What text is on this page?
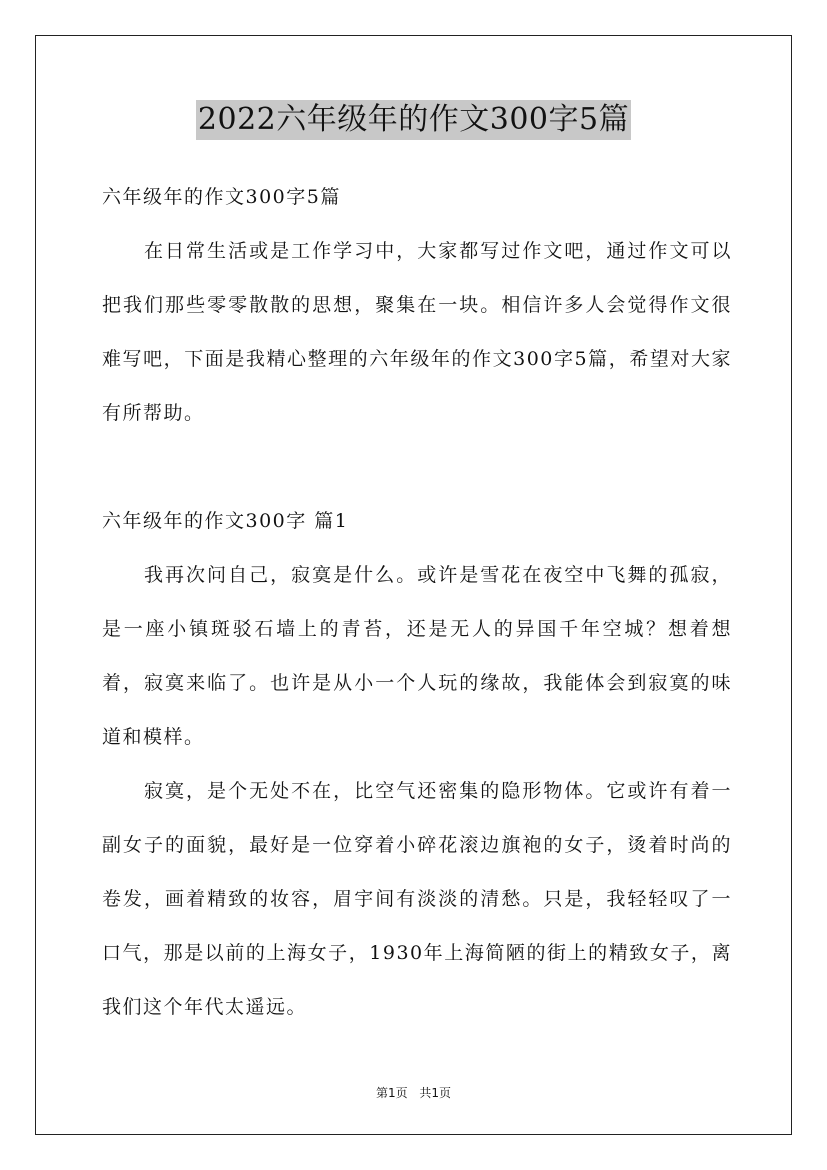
2022六年级年的作文300字5篇

六年级年的作文300字5篇

在日常生活或是工作学习中，大家都写过作文吧，通过作文可以把我们那些零零散散的思想，聚集在一块。相信许多人会觉得作文很难写吧，下面是我精心整理的六年级年的作文300字5篇，希望对大家有所帮助。

六年级年的作文300字 篇1

我再次问自己，寂寞是什么。或许是雪花在夜空中飞舞的孤寂，是一座小镇斑驳石墙上的青苔，还是无人的异国千年空城？想着想着，寂寞来临了。也许是从小一个人玩的缘故，我能体会到寂寞的味道和模样。

寂寞，是个无处不在，比空气还密集的隐形物体。它或许有着一副女子的面貌，最好是一位穿着小碎花滚边旗袍的女子，烫着时尚的卷发，画着精致的妆容，眉宇间有淡淡的清愁。只是，我轻轻叹了一口气，那是以前的上海女子，1930年上海简陋的街上的精致女子，离我们这个年代太遥远。

第1页 共1页
